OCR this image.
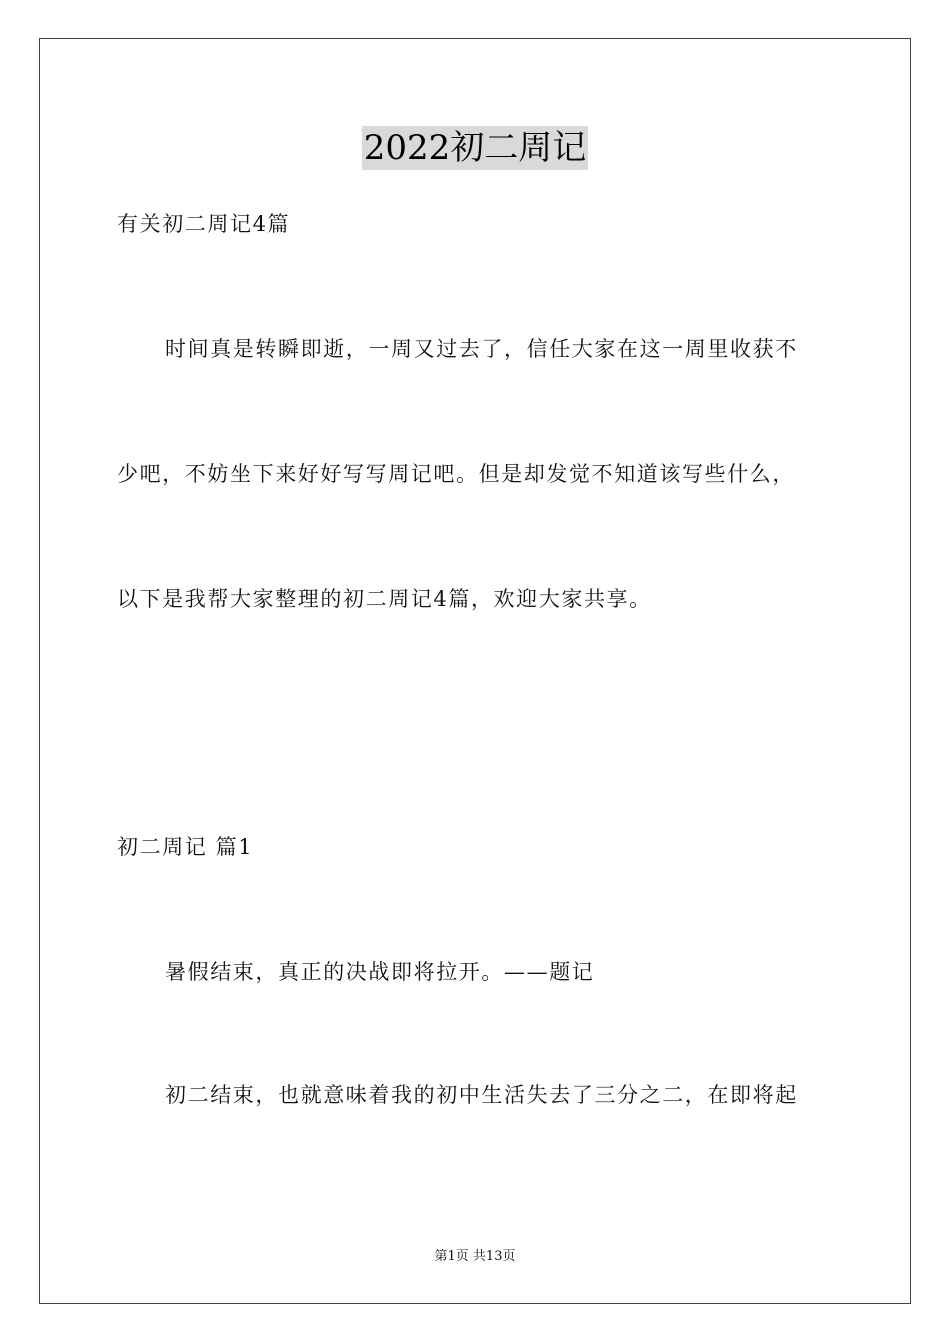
2022初二周记
有关初二周记4篇
时间真是转瞬即逝，一周又过去了，信任大家在这一周里收获不
少吧，不妨坐下来好好写写周记吧。但是却发觉不知道该写些什么，
以下是我帮大家整理的初二周记4篇，欢迎大家共享。
初二周记 篇1
暑假结束，真正的决战即将拉开。——题记
初二结束，也就意味着我的初中生活失去了三分之二，在即将起
第1页 共13页
